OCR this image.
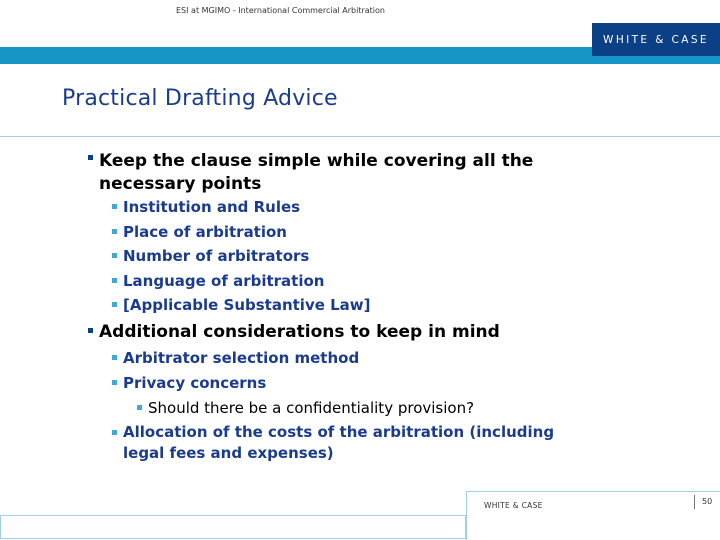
WHITE & CASE
Practical Drafting Advice
Keep the clause simple while covering all the
necessary points
Institution and Rules
Place of arbitration
Number of arbitrators
Language of arbitration
[Applicable Substantive Law]
Additional considerations to keep in mind
Arbitrator selection method
Privacy concerns
Should there be a confidentiality provision?
Allocation of the costs of the arbitration (including
legal fees and expenses)
ESI at MGIMO - International Commercial Arbitration
WHITE & CASE	50
